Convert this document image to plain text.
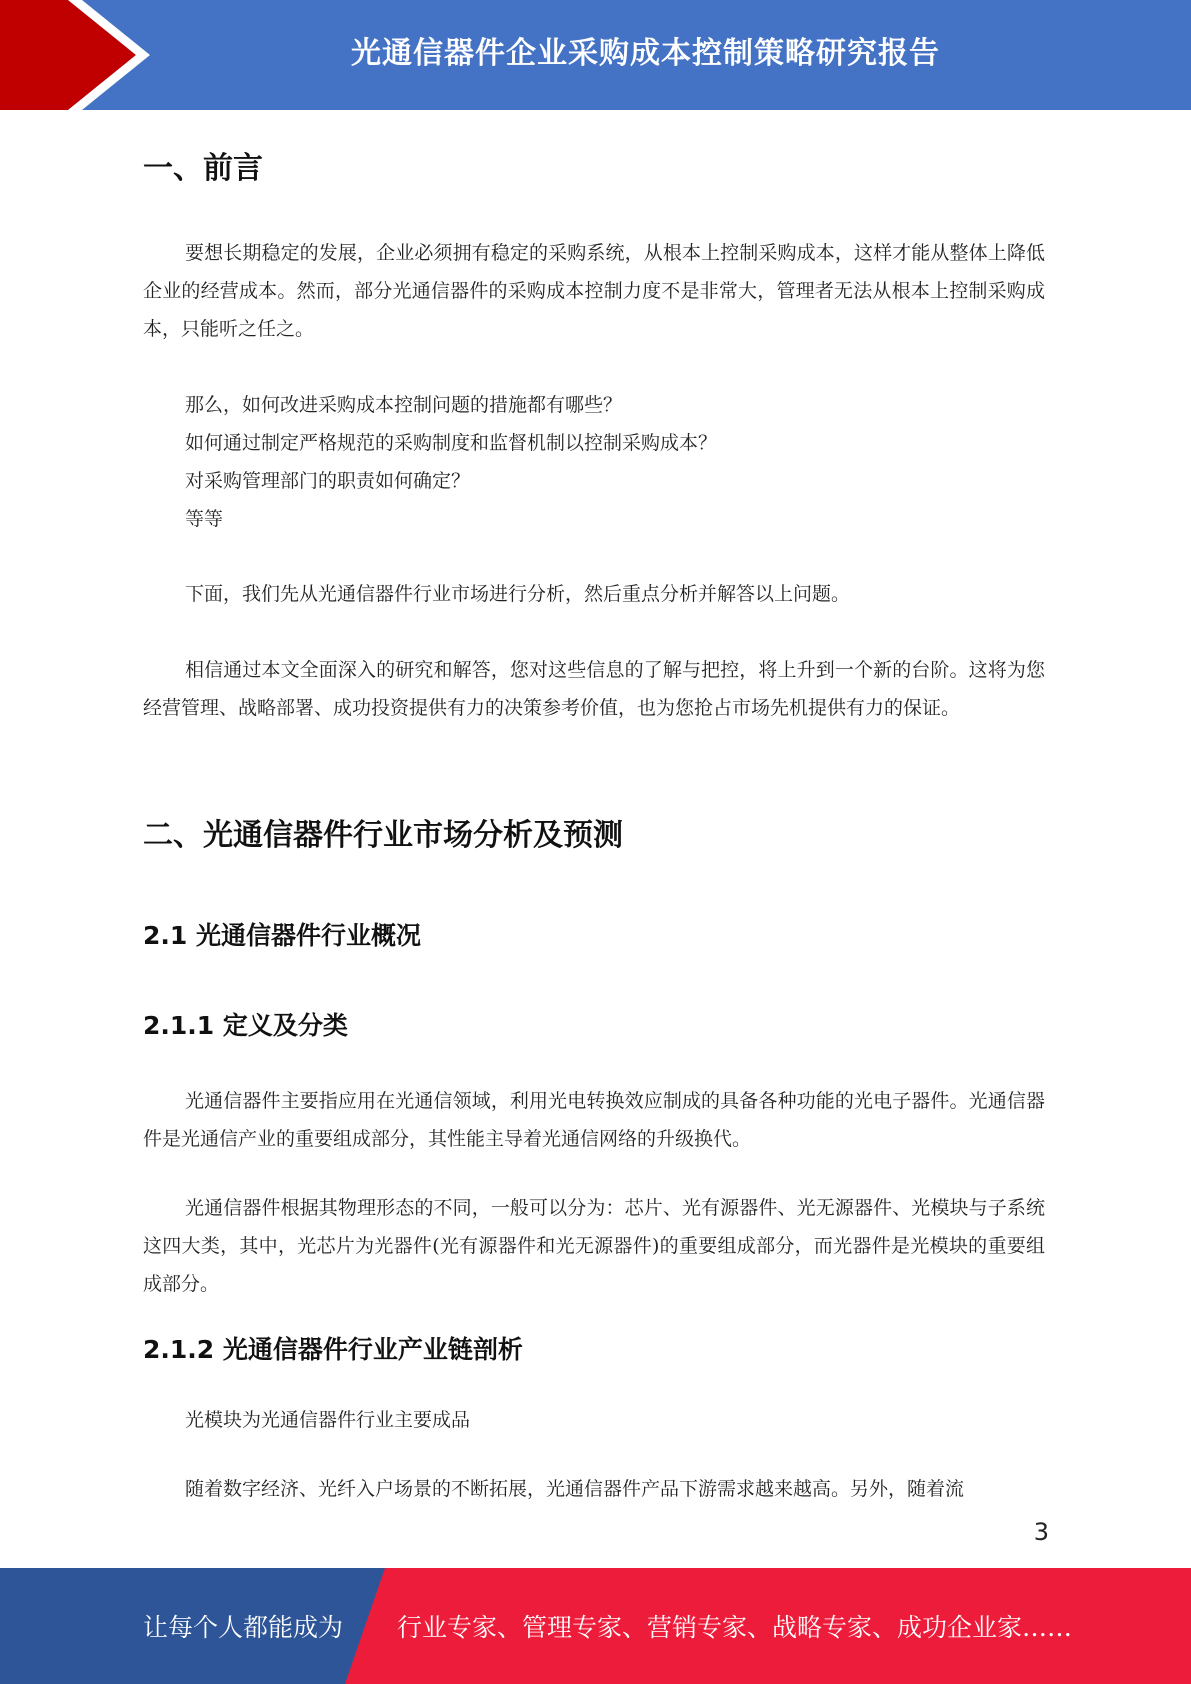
光通信器件企业采购成本控制策略研究报告
一、前言

要想长期稳定的发展，企业必须拥有稳定的采购系统，从根本上控制采购成本，这样才能从整体上降低企业的经营成本。然而，部分光通信器件的采购成本控制力度不是非常大，管理者无法从根本上控制采购成本，只能听之任之。

那么，如何改进采购成本控制问题的措施都有哪些？

如何通过制定严格规范的采购制度和监督机制以控制采购成本？

对采购管理部门的职责如何确定？

等等

下面，我们先从光通信器件行业市场进行分析，然后重点分析并解答以上问题。

相信通过本文全面深入的研究和解答，您对这些信息的了解与把控，将上升到一个新的台阶。这将为您经营管理、战略部署、成功投资提供有力的决策参考价值，也为您抢占市场先机提供有力的保证。

二、光通信器件行业市场分析及预测
2.1 光通信器件行业概况
2.1.1 定义及分类

光通信器件主要指应用在光通信领域，利用光电转换效应制成的具备各种功能的光电子器件。光通信器件是光通信产业的重要组成部分，其性能主导着光通信网络的升级换代。

光通信器件根据其物理形态的不同，一般可以分为：芯片、光有源器件、光无源器件、光模块与子系统这四大类，其中，光芯片为光器件(光有源器件和光无源器件)的重要组成部分，而光器件是光模块的重要组成部分。

2.1.2 光通信器件行业产业链剖析

光模块为光通信器件行业主要成品

随着数字经济、光纤入户场景的不断拓展，光通信器件产品下游需求越来越高。另外，随着流

3
让每个人都能成为 行业专家、管理专家、营销专家、战略专家、成功企业家……
